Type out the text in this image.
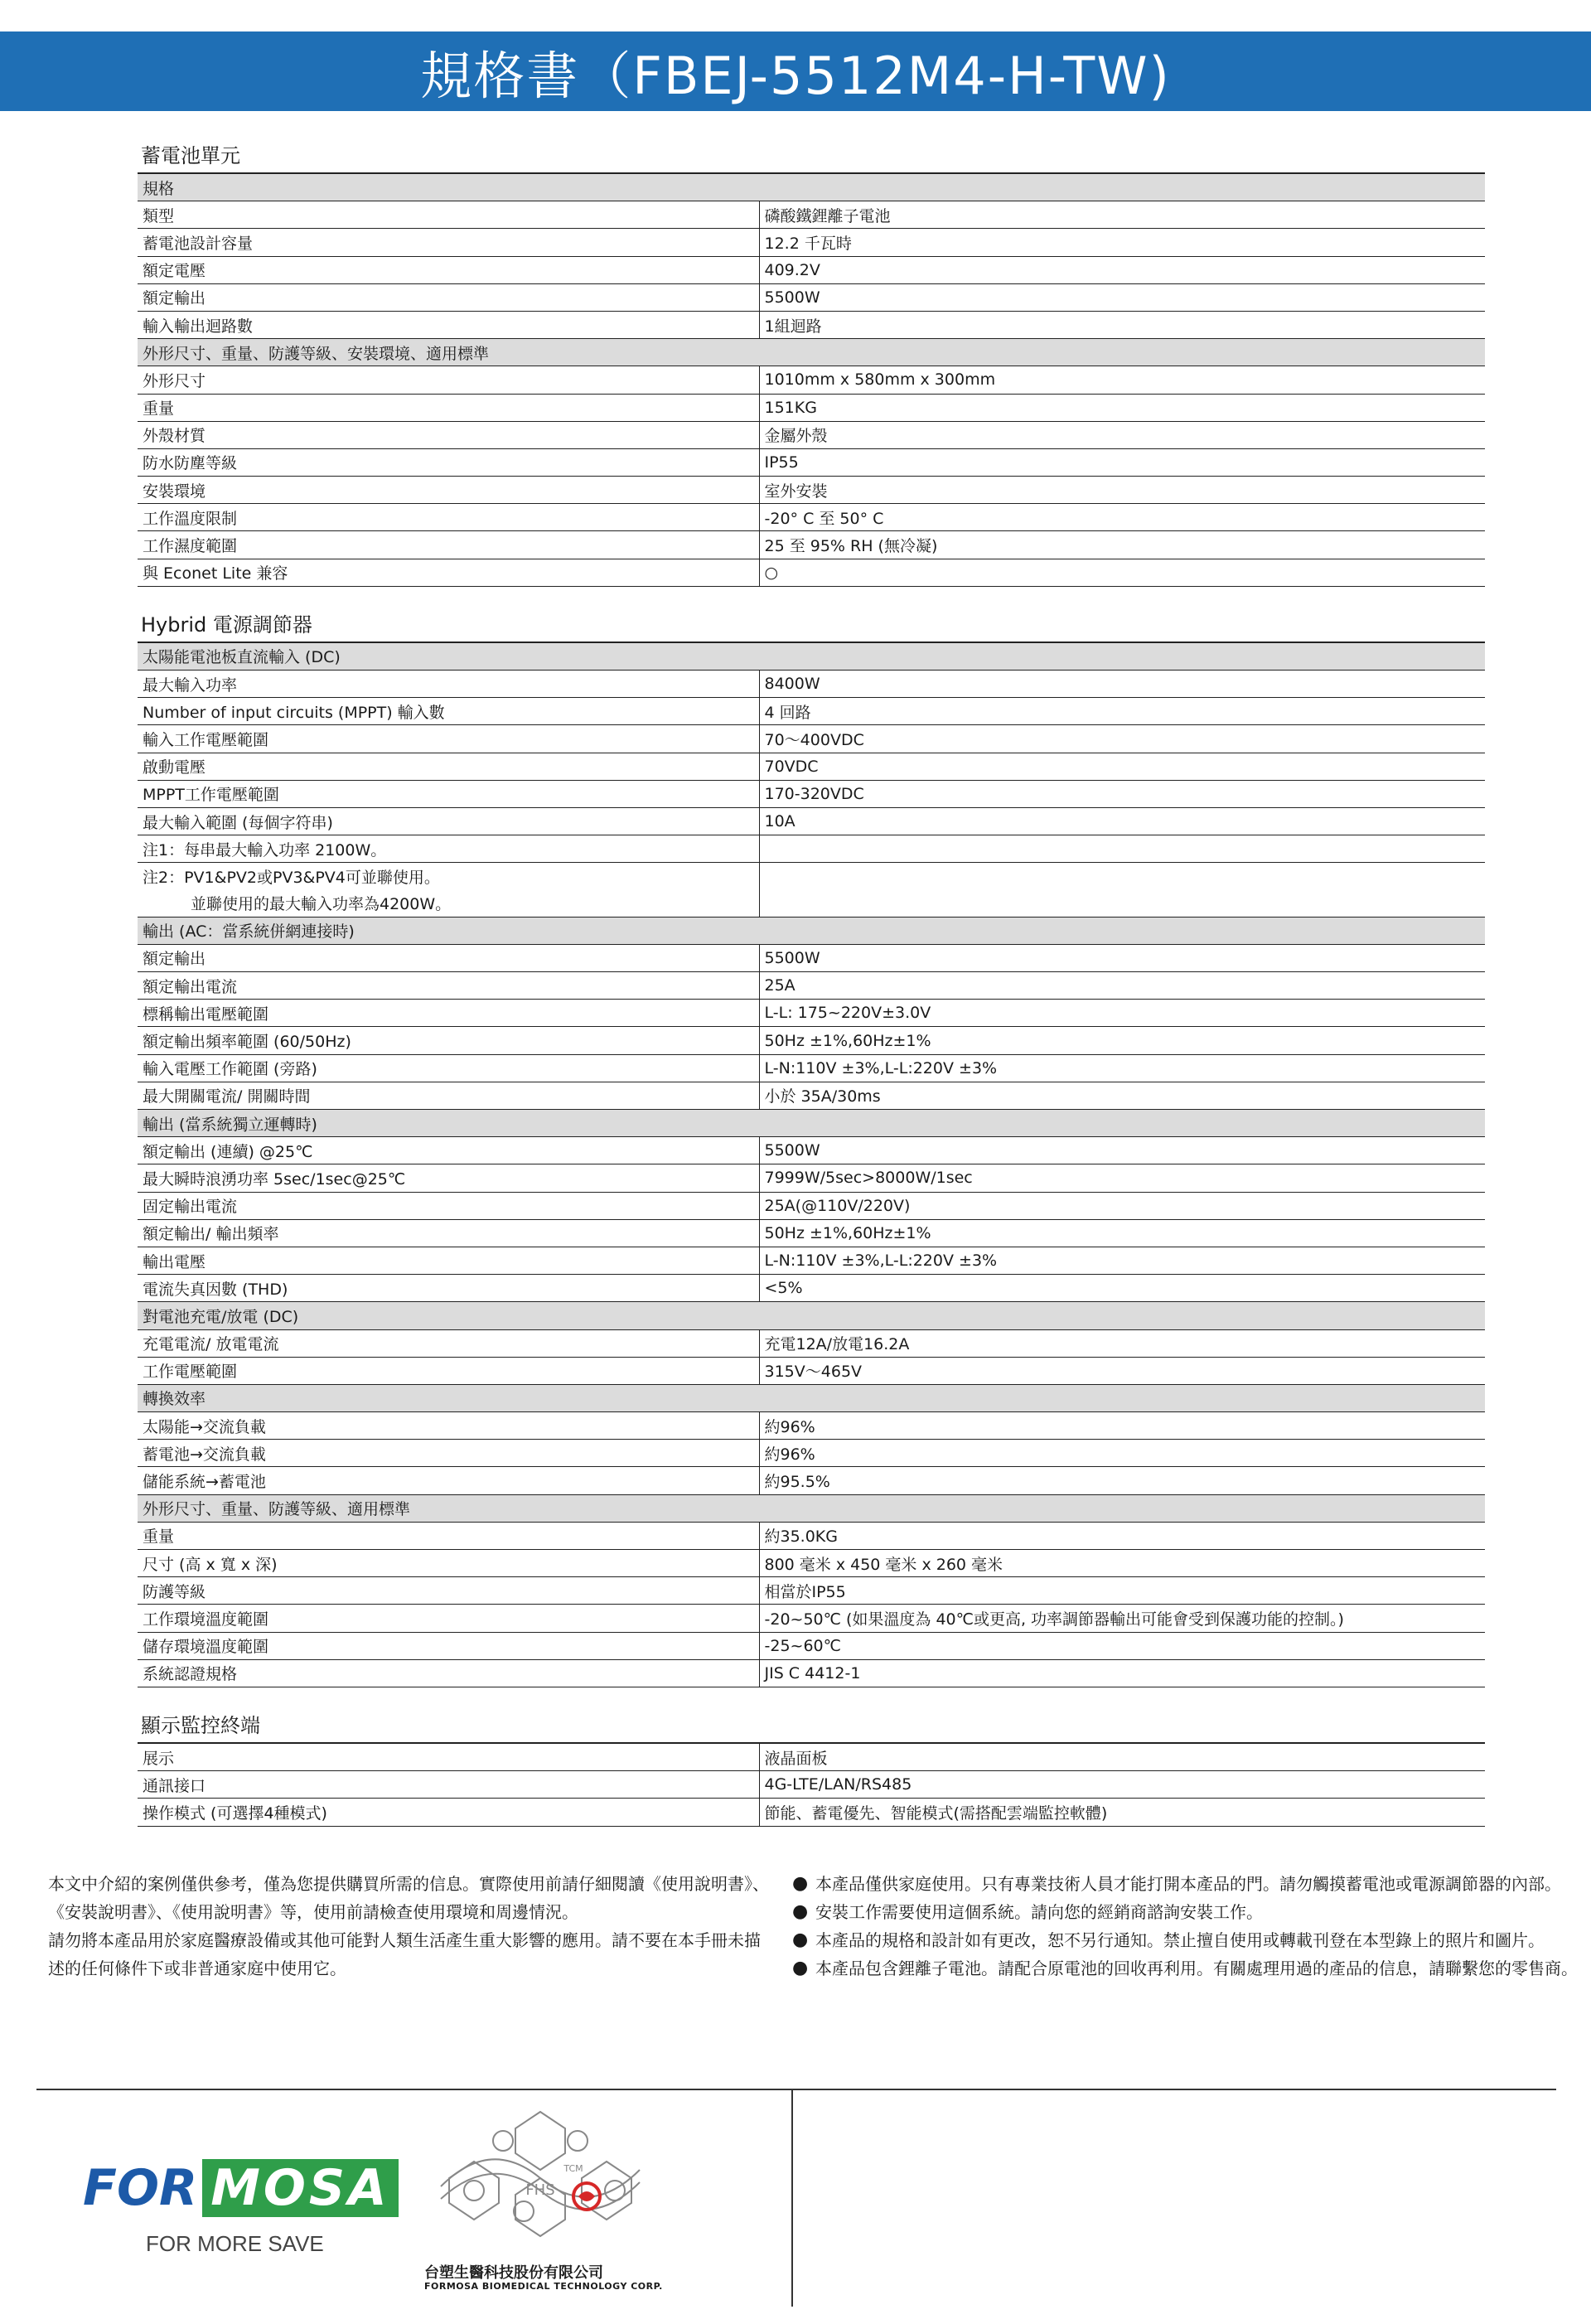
規格書（FBEJ-5512M4-H-TW)
蓄電池單元
規格	
類型	磷酸鐵鋰離子電池
蓄電池設計容量	12.2 千瓦時
額定電壓	409.2V
額定輸出	5500W
輸入輸出迴路數	1組迴路
外形尺寸、重量、防護等級、安裝環境、適用標準	
外形尺寸	1010mm x 580mm x 300mm
重量	151KG
外殼材質	金屬外殼
防水防塵等級	IP55
安裝環境	室外安裝
工作溫度限制	-20° C 至 50° C
工作濕度範圍	25 至 95% RH (無冷凝)
與 Econet Lite 兼容	○
Hybrid 電源調節器
太陽能電池板直流輸入 (DC)	
最大輸入功率	8400W
Number of input circuits (MPPT) 輸入數	4 回路
輸入工作電壓範圍	70～400VDC
啟動電壓	70VDC
MPPT工作電壓範圍	170-320VDC
最大輸入範圍 (每個字符串)	10A
注1：每串最大輸入功率 2100W。	
注2：PV1&PV2或PV3&PV4可並聯使用。	
並聯使用的最大輸入功率為4200W。	
輸出 (AC：當系統併網連接時)	
額定輸出	5500W
額定輸出電流	25A
標稱輸出電壓範圍	L-L: 175~220V±3.0V
額定輸出頻率範圍 (60/50Hz)	50Hz ±1%,60Hz±1%
輸入電壓工作範圍 (旁路)	L-N:110V ±3%,L-L:220V ±3%
最大開關電流/ 開關時間	小於 35A/30ms
輸出 (當系統獨立運轉時)	
額定輸出 (連續) @25℃	5500W
最大瞬時浪湧功率 5sec/1sec@25℃	7999W/5sec>8000W/1sec
固定輸出電流	25A(@110V/220V)
額定輸出/ 輸出頻率	50Hz ±1%,60Hz±1%
輸出電壓	L-N:110V ±3%,L-L:220V ±3%
電流失真因數 (THD)	<5%
對電池充電/放電 (DC)	
充電電流/ 放電電流	充電12A/放電16.2A
工作電壓範圍	315V～465V
轉換效率	
太陽能→交流負載	約96%
蓄電池→交流負載	約96%
儲能系統→蓄電池	約95.5%
外形尺寸、重量、防護等級、適用標準	
重量	約35.0KG
尺寸 (高 x 寬 x 深)	800 毫米 x 450 毫米 x 260 毫米
防護等級	相當於IP55
工作環境溫度範圍	-20~50℃ (如果溫度為 40℃或更高, 功率調節器輸出可能會受到保護功能的控制。)
儲存環境溫度範圍	-25~60℃
系統認證規格	JIS C 4412-1
顯示監控終端
展示	液晶面板
通訊接口	4G-LTE/LAN/RS485
操作模式 (可選擇4種模式)	節能、蓄電優先、智能模式(需搭配雲端監控軟體)

本文中介紹的案例僅供參考，僅為您提供購買所需的信息。實際使用前請仔細閱讀《使用說明書》、《安裝說明書》、《使用說明書》等，使用前請檢查使用環境和周邊情況。

請勿將本產品用於家庭醫療設備或其他可能對人類生活產生重大影響的應用。請不要在本手冊未描述的任何條件下或非普通家庭中使用它。

● 本產品僅供家庭使用。只有專業技術人員才能打開本產品的門。請勿觸摸蓄電池或電源調節器的內部。
● 安裝工作需要使用這個系統。請向您的經銷商諮詢安裝工作。
● 本產品的規格和設計如有更改，恕不另行通知。禁止擅自使用或轉載刊登在本型錄上的照片和圖片。
● 本產品包含鋰離子電池。請配合原電池的回收再利用。有關處理用過的產品的信息，請聯繫您的零售商。
FOR MOSA
FOR MORE SAVE
FHS
TCM
台塑生醫科技股份有限公司
FORMOSA BIOMEDICAL TECHNOLOGY CORP.
